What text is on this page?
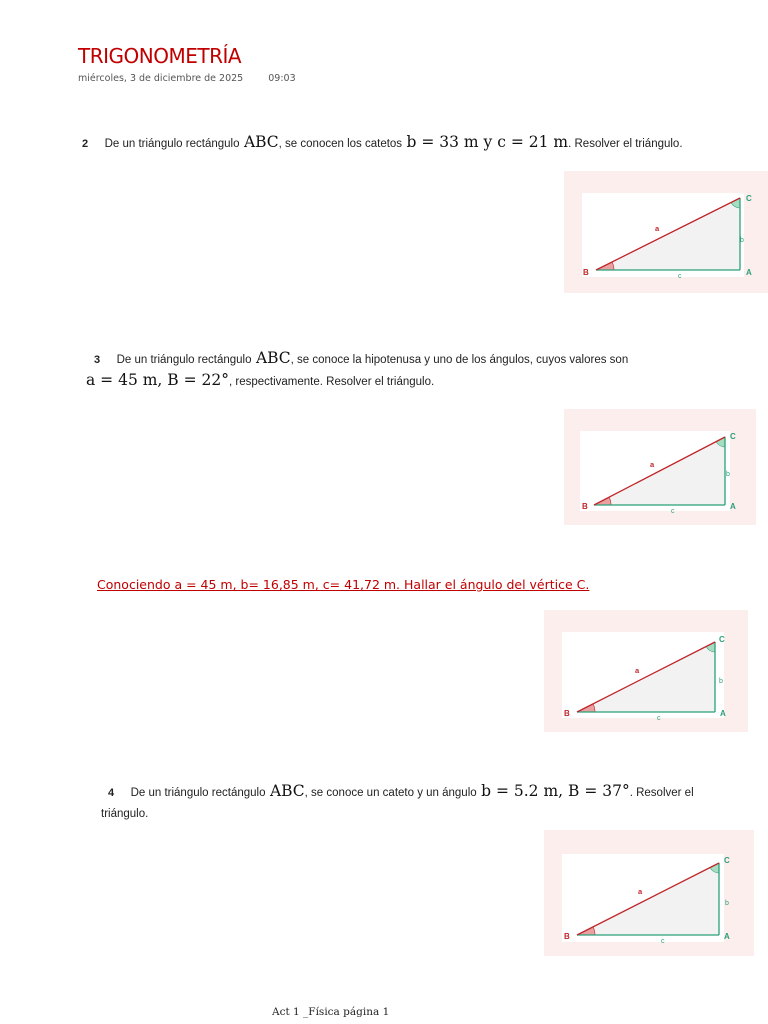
TRIGONOMETRÍA
miércoles, 3 de diciembre de 2025	09:03
2 De un triángulo rectángulo ABC, se conocen los catetos b = 33 m y c = 21 m. Resolver el triángulo.
3 De un triángulo rectángulo ABC, se conoce la hipotenusa y uno de los ángulos, cuyos valores son
a = 45 m, B = 22°, respectivamente. Resolver el triángulo.
Conociendo a = 45 m, b= 16,85 m, c= 41,72 m. Hallar el ángulo del vértice C.
4 De un triángulo rectángulo ABC, se conoce un cateto y un ángulo b = 5.2 m, B = 37°. Resolver el
triángulo.
B	A
C
a
b
c
B	A
C
a
b
c
B	A
C
a
b
c
B	A
C
a
b
c
Act 1 _Física página 1
